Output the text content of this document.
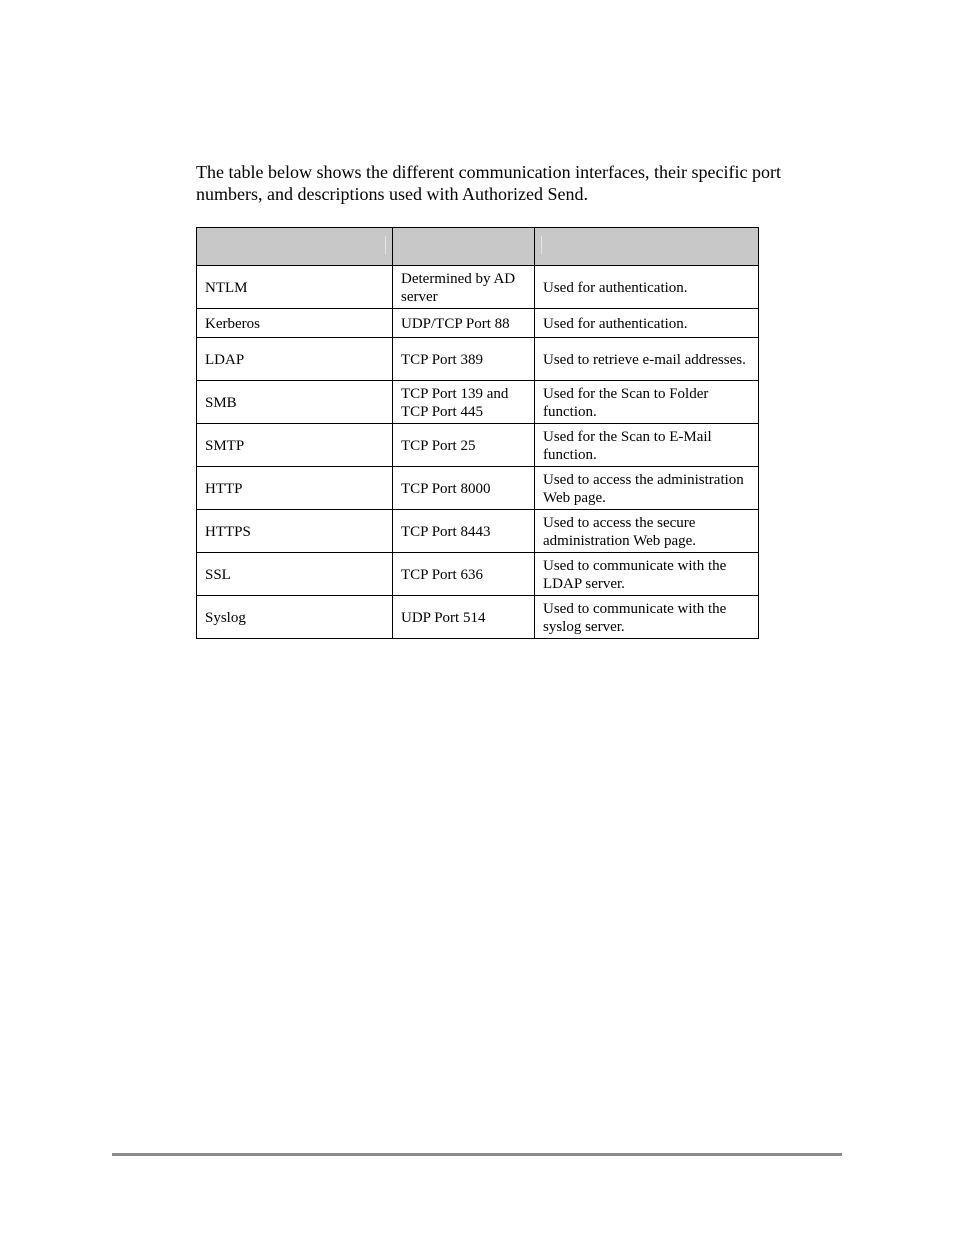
The table below shows the different communication interfaces, their specific port numbers, and descriptions used with Authorized Send.

NTLM	Determined by AD server	Used for authentication.
Kerberos	UDP/TCP Port 88	Used for authentication.
LDAP	TCP Port 389	Used to retrieve e-mail addresses.
SMB	TCP Port 139 and TCP Port 445	Used for the Scan to Folder function.
SMTP	TCP Port 25	Used for the Scan to E-Mail function.
HTTP	TCP Port 8000	Used to access the administration Web page.
HTTPS	TCP Port 8443	Used to access the secure administration Web page.
SSL	TCP Port 636	Used to communicate with the LDAP server.
Syslog	UDP Port 514	Used to communicate with the syslog server.
